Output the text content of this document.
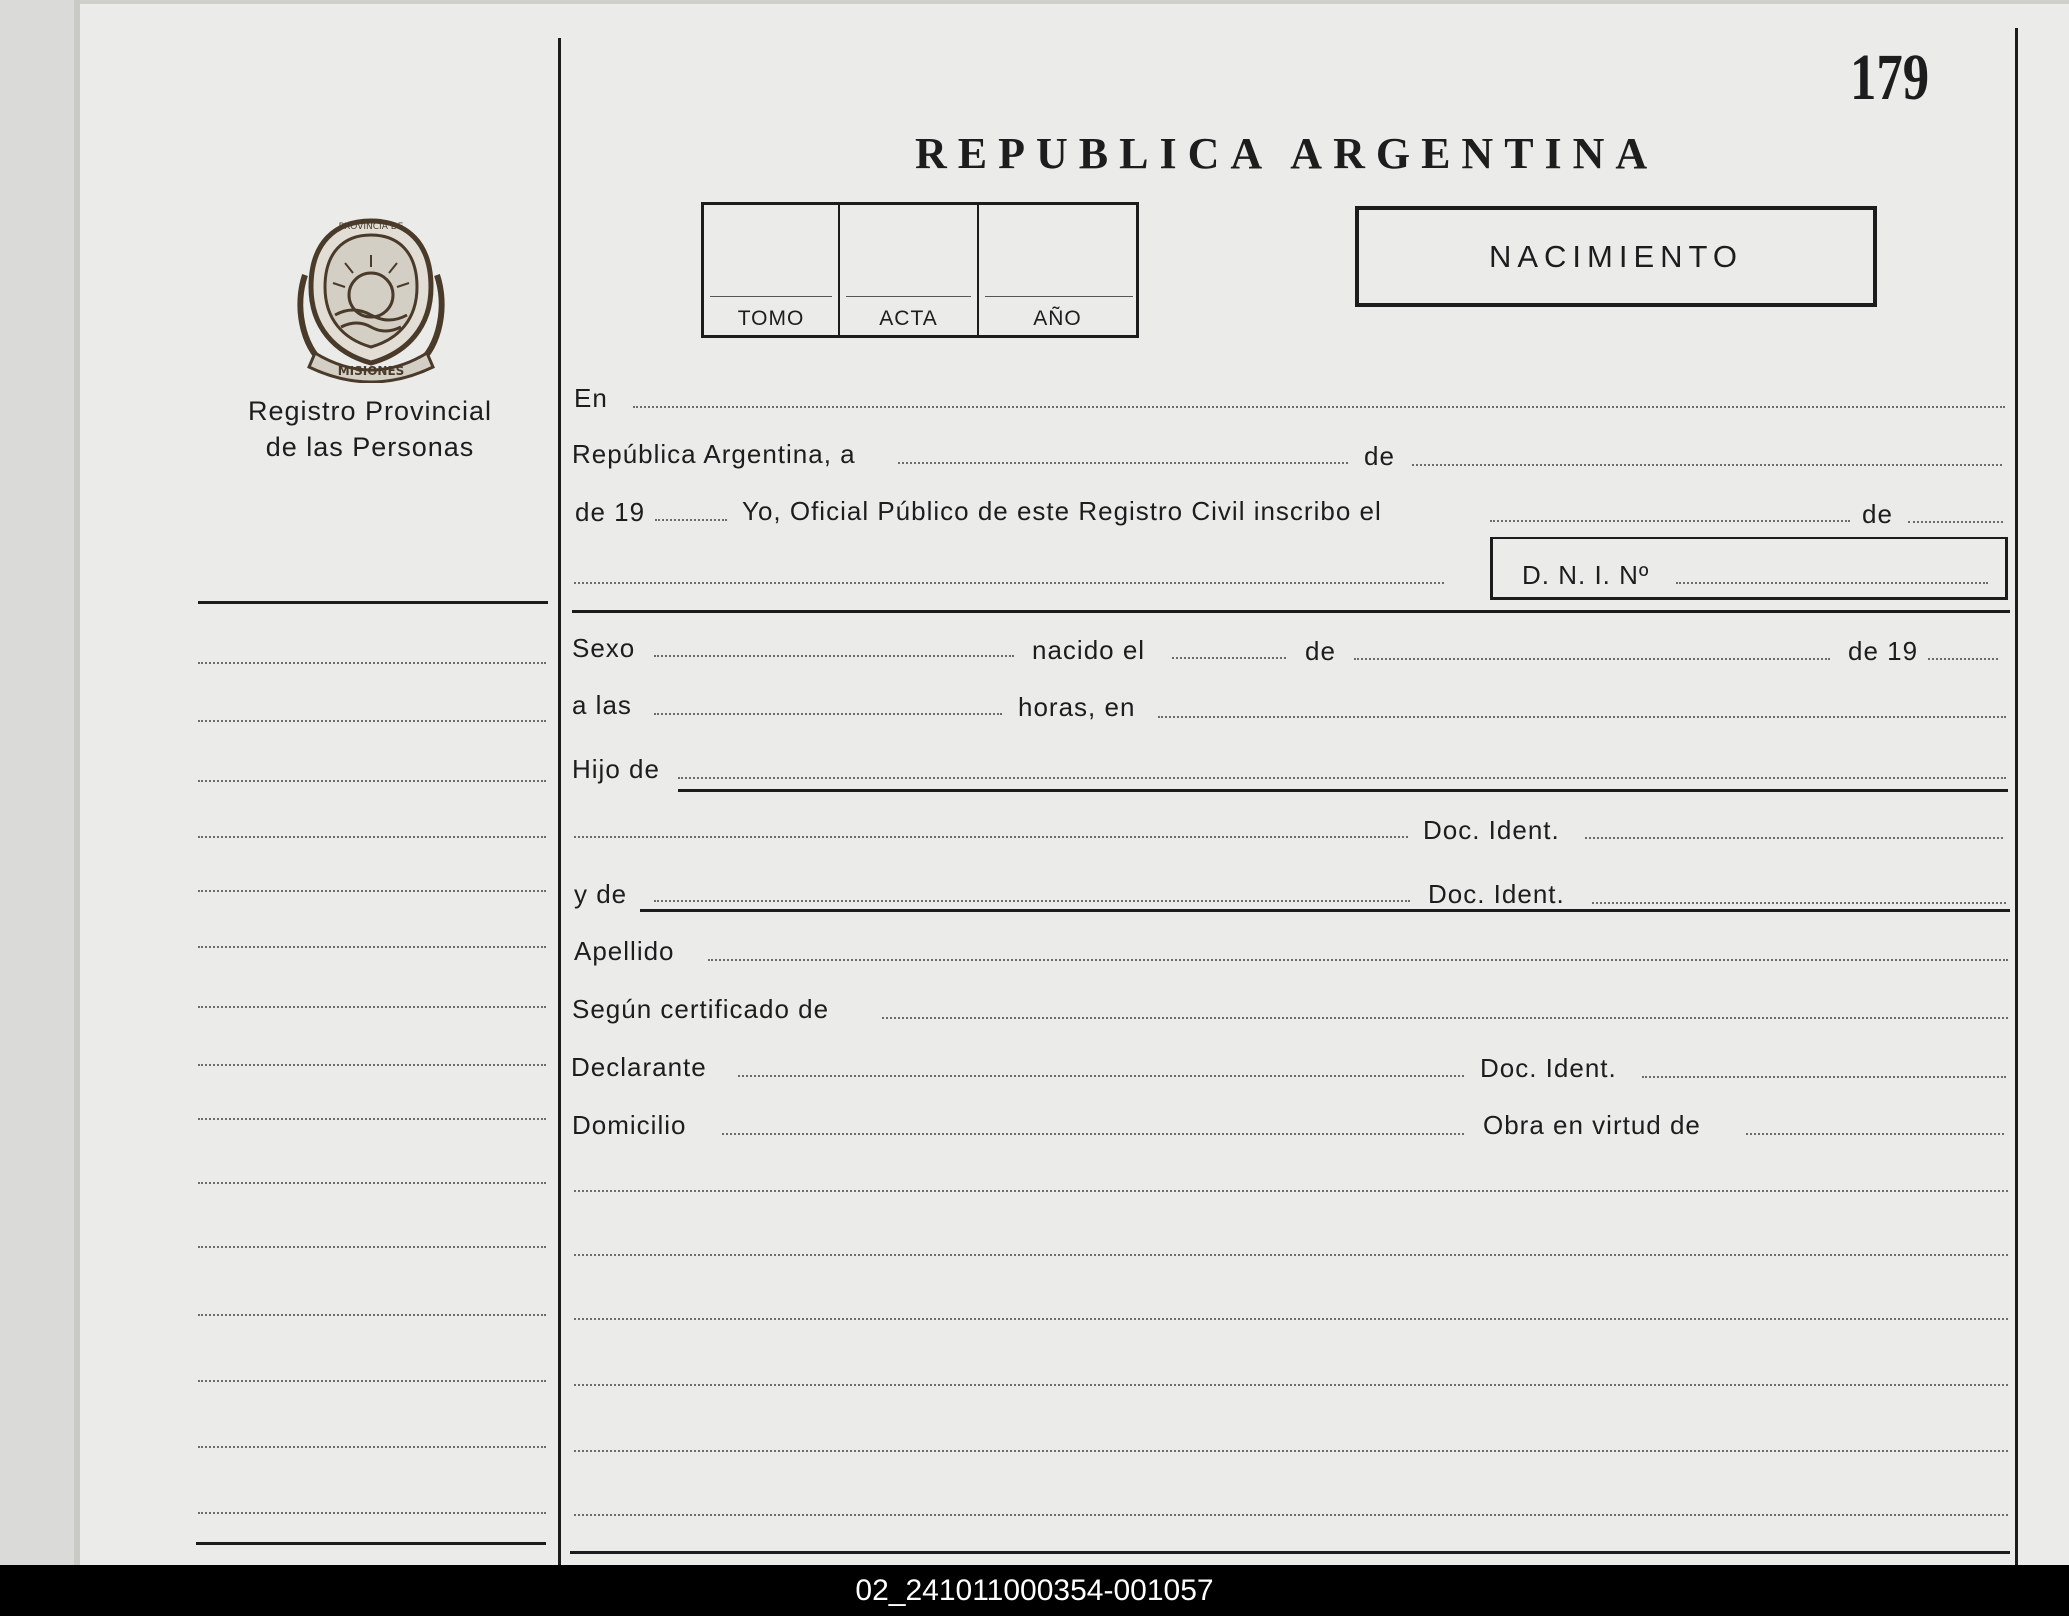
179
REPUBLICA ARGENTINA
TOMO	ACTA	AÑO
NACIMIENTO
PROVINCIA DE
MISIONES
Registro Provincial
de las Personas
En
República Argentina, a	de
de 19	Yo, Oficial Público de este Registro Civil inscribo el	de
D. N. I. Nº
Sexo	nacido el	de	de 19
a las	horas, en
Hijo de
Doc. Ident.
y de	Doc. Ident.
Apellido
Según certificado de
Declarante	Doc. Ident.
Domicilio	Obra en virtud de
02_241011000354-001057
